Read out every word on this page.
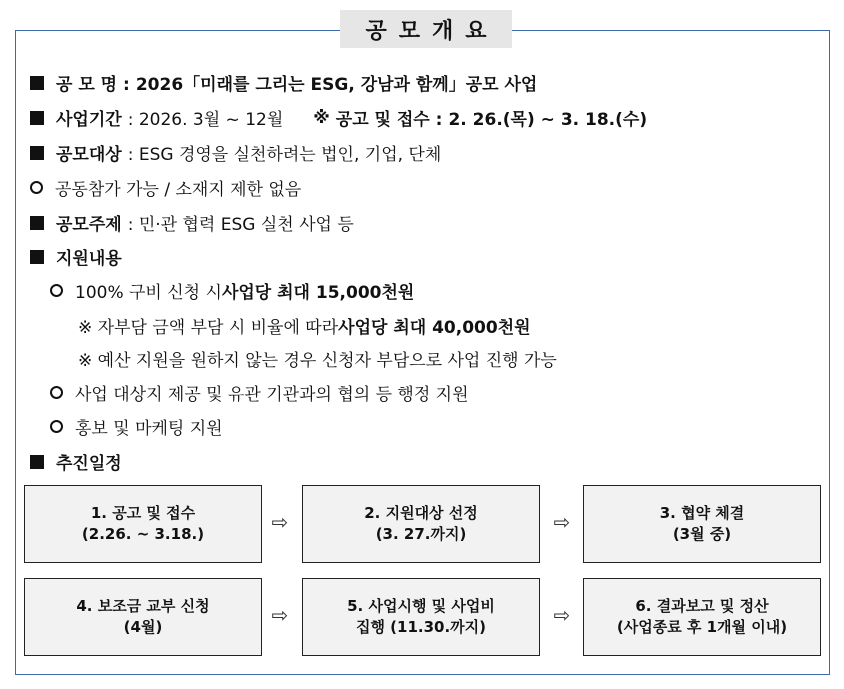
공모개요
공 모 명 : 2026「미래를 그리는 ESG, 강남과 함께」공모 사업
사업기간 : 2026. 3월 ~ 12월 ※ 공고 및 접수 : 2. 26.(목) ~ 3. 18.(수)
공모대상 : ESG 경영을 실천하려는 법인, 기업, 단체
공동참가 가능 / 소재지 제한 없음
공모주제 : 민·관 협력 ESG 실천 사업 등
지원내용
100% 구비 신청 시 사업당 최대 15,000천원
※ 자부담 금액 부담 시 비율에 따라 사업당 최대 40,000천원
※ 예산 지원을 원하지 않는 경우 신청자 부담으로 사업 진행 가능
사업 대상지 제공 및 유관 기관과의 협의 등 행정 지원
홍보 및 마케팅 지원
추진일정
1. 공고 및 접수
(2.26. ~ 3.18.)	⇨	2. 지원대상 선정
(3. 27.까지)	⇨	3. 협약 체결
(3월 중)
4. 보조금 교부 신청
(4월)	⇨	5. 사업시행 및 사업비
집행 (11.30.까지)	⇨	6. 결과보고 및 정산
(사업종료 후 1개월 이내)
